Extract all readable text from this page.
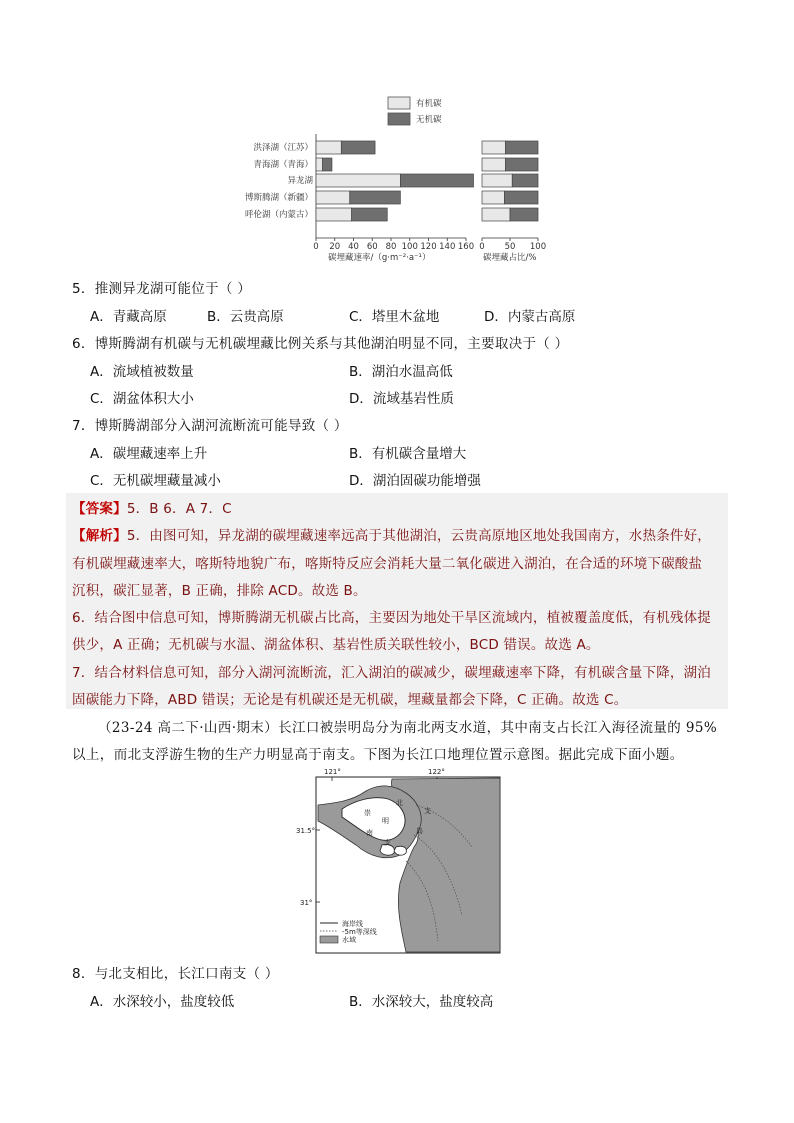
有机碳
无机碳
0 20 40 60 80 100 120 140 160
洪泽湖（江苏）
青海湖（青海）
异龙湖
博斯腾湖（新疆）
呼伦湖（内蒙古）
0 50 100
碳埋藏速率/（g·m⁻²·a⁻¹）	碳埋藏占比/%
5．推测异龙湖可能位于（ ）
A．青藏高原	B．云贵高原	C．塔里木盆地	D．内蒙古高原
6．博斯腾湖有机碳与无机碳埋藏比例关系与其他湖泊明显不同，主要取决于（ ）
A．流域植被数量	B．湖泊水温高低
C．湖盆体积大小	D．流域基岩性质
7．博斯腾湖部分入湖河流断流可能导致（ ）
A．碳埋藏速率上升	B．有机碳含量增大
C．无机碳埋藏量减小	D．湖泊固碳功能增强
【答案】5．B 6．A 7．C
【解析】5．由图可知，异龙湖的碳埋藏速率远高于其他湖泊，云贵高原地区地处我国南方，水热条件好，
有机碳埋藏速率大，喀斯特地貌广布，喀斯特反应会消耗大量二氧化碳进入湖泊，在合适的环境下碳酸盐
沉积，碳汇显著，B 正确，排除 ACD。故选 B。
6．结合图中信息可知，博斯腾湖无机碳占比高，主要因为地处干旱区流域内，植被覆盖度低，有机残体提
供少，A 正确；无机碳与水温、湖盆体积、基岩性质关联性较小，BCD 错误。故选 A。
7．结合材料信息可知，部分入湖河流断流，汇入湖泊的碳减少，碳埋藏速率下降，有机碳含量下降，湖泊
固碳能力下降，ABD 错误；无论是有机碳还是无机碳，埋藏量都会下降，C 正确。故选 C。
（23-24 高二下·山西·期末）长江口被崇明岛分为南北两支水道，其中南支占长江入海径流量的 95%
以上，而北支浮游生物的生产力明显高于南支。下图为长江口地理位置示意图。据此完成下面小题。
121°	122°
31.5°
31°
崇
明
岛
北
支
南
支
海岸线
-5m等深线
水域
8．与北支相比，长江口南支（ ）
A．水深较小，盐度较低	B．水深较大，盐度较高
